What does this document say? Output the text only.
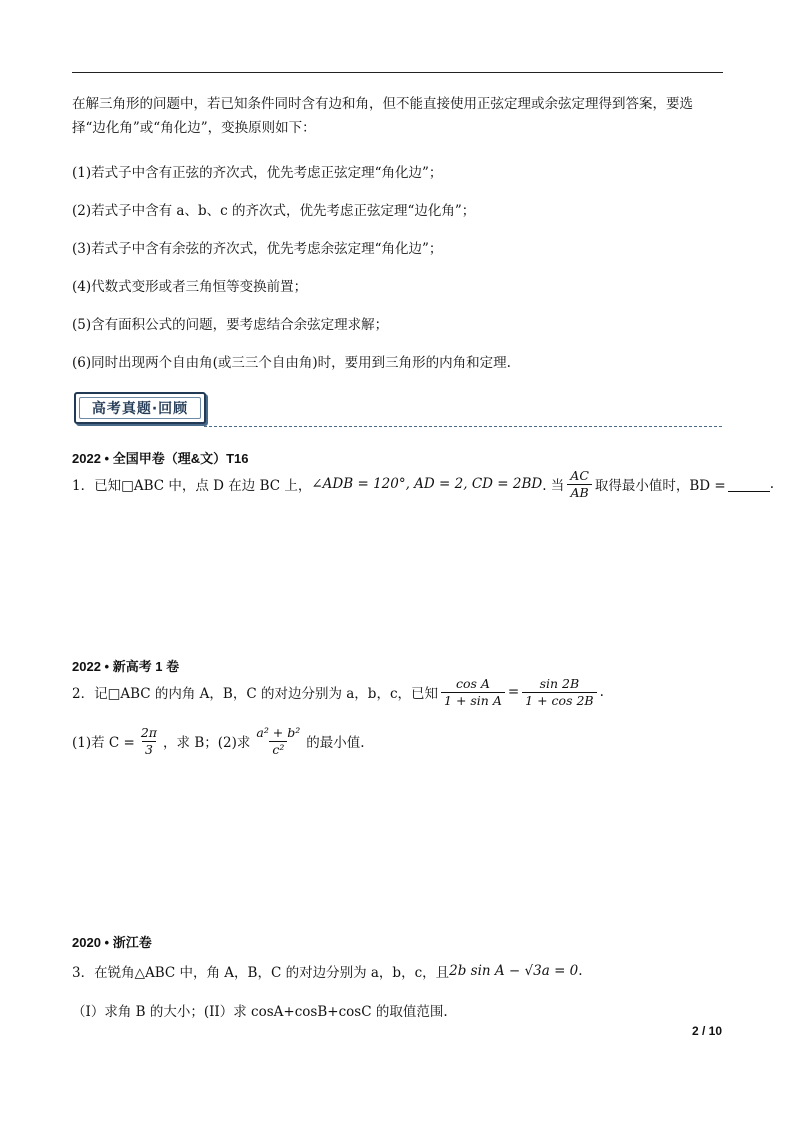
在解三角形的问题中，若已知条件同时含有边和角，但不能直接使用正弦定理或余弦定理得到答案，要选
择“边化角”或“角化边”，变换原则如下：
(1)若式子中含有正弦的齐次式，优先考虑正弦定理“角化边”；
(2)若式子中含有 a、b、c 的齐次式，优先考虑正弦定理“边化角”；
(3)若式子中含有余弦的齐次式，优先考虑余弦定理“角化边”；
(4)代数式变形或者三角恒等变换前置；
(5)含有面积公式的问题，要考虑结合余弦定理求解；
(6)同时出现两个自由角(或三三个自由角)时，要用到三角形的内角和定理.
高考真题·回顾
2022 • 全国甲卷（理&文）T16
1．已知□ABC 中，点 D 在边 BC 上， ∠ADB = 120°, AD = 2, CD = 2BD . 当 $\frac{AC}{AB}$ 取得最小值时，BD =	.
2022 • 新高考 1 卷
2．记□ABC 的内角 A，B，C 的对边分别为 a，b，c，已知 $\frac{\text{cos A}}{\text{1 + sin A}} = \frac{\sin 2B}{1 + \cos 2B}$ .
(1)若 $C = \frac{2\pi}{3}$ ，求 B；(2)求 $\frac{\text{a² + b²}}{\text{c²}}$ 的最小值.
2020 • 浙江卷
3．在锐角△ABC 中，角 A，B，C 的对边分别为 a，b，c，且 2b sin A − √3a = 0 .
（I）求角 B 的大小；(II）求 cosA+cosB+cosC 的取值范围.
2 / 10
